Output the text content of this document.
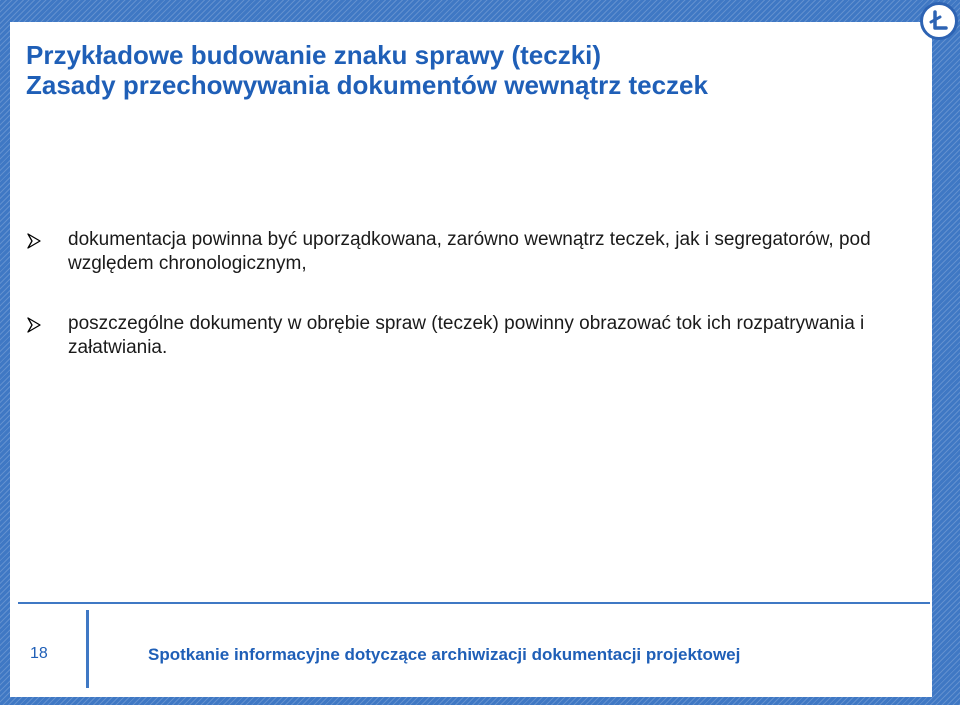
Przykładowe budowanie znaku sprawy (teczki)
Zasady przechowywania dokumentów wewnątrz teczek
dokumentacja powinna być uporządkowana, zarówno wewnątrz teczek, jak i segregatorów, pod względem chronologicznym,
poszczególne dokumenty w obrębie spraw (teczek) powinny obrazować tok ich rozpatrywania i załatwiania.
18	Spotkanie informacyjne dotyczące archiwizacji dokumentacji projektowej
